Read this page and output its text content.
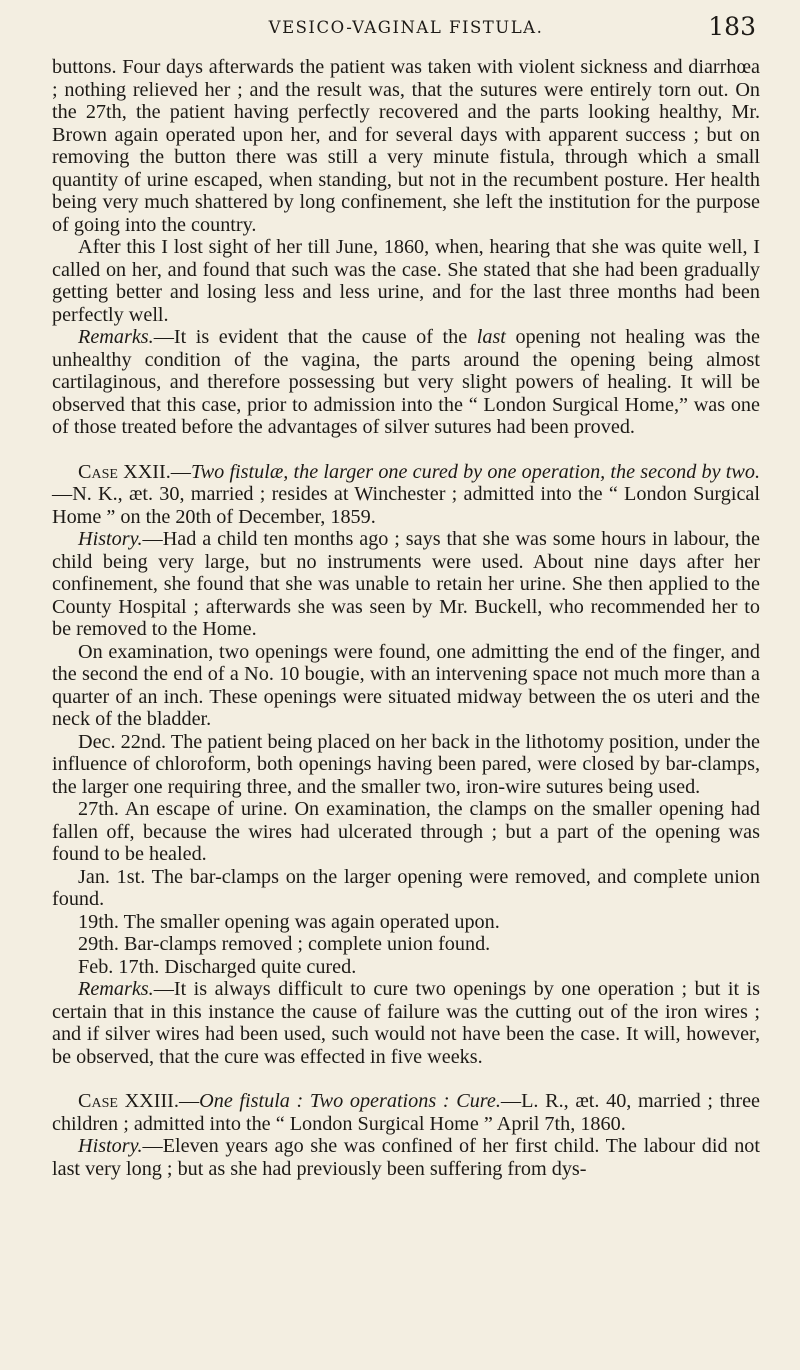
VESICO-VAGINAL FISTULA.	183

buttons. Four days afterwards the patient was taken with violent sickness and diarrhœa ; nothing relieved her ; and the result was, that the sutures were entirely torn out. On the 27th, the patient having perfectly recovered and the parts looking healthy, Mr. Brown again operated upon her, and for several days with apparent success ; but on removing the button there was still a very minute fistula, through which a small quantity of urine escaped, when standing, but not in the recumbent posture. Her health being very much shattered by long confinement, she left the institution for the purpose of going into the country.

After this I lost sight of her till June, 1860, when, hearing that she was quite well, I called on her, and found that such was the case. She stated that she had been gradually getting better and losing less and less urine, and for the last three months had been perfectly well.

Remarks.—It is evident that the cause of the last opening not healing was the unhealthy condition of the vagina, the parts around the opening being almost cartilaginous, and therefore possessing but very slight powers of healing. It will be observed that this case, prior to admission into the “ London Surgical Home,” was one of those treated before the advantages of silver sutures had been proved.

Case XXII.—Two fistulæ, the larger one cured by one operation, the second by two.—N. K., æt. 30, married ; resides at Winchester ; admitted into the “ London Surgical Home ” on the 20th of December, 1859.

History.—Had a child ten months ago ; says that she was some hours in labour, the child being very large, but no instruments were used. About nine days after her confinement, she found that she was unable to retain her urine. She then applied to the County Hospital ; afterwards she was seen by Mr. Buckell, who recommended her to be removed to the Home.

On examination, two openings were found, one admitting the end of the finger, and the second the end of a No. 10 bougie, with an intervening space not much more than a quarter of an inch. These openings were situated midway between the os uteri and the neck of the bladder.

Dec. 22nd. The patient being placed on her back in the lithotomy position, under the influence of chloroform, both openings having been pared, were closed by bar-clamps, the larger one requiring three, and the smaller two, iron-wire sutures being used.

27th. An escape of urine. On examination, the clamps on the smaller opening had fallen off, because the wires had ulcerated through ; but a part of the opening was found to be healed.

Jan. 1st. The bar-clamps on the larger opening were removed, and complete union found.

19th. The smaller opening was again operated upon.

29th. Bar-clamps removed ; complete union found.

Feb. 17th. Discharged quite cured.

Remarks.—It is always difficult to cure two openings by one operation ; but it is certain that in this instance the cause of failure was the cutting out of the iron wires ; and if silver wires had been used, such would not have been the case. It will, however, be observed, that the cure was effected in five weeks.

Case XXIII.—One fistula : Two operations : Cure.—L. R., æt. 40, married ; three children ; admitted into the “ London Surgical Home ” April 7th, 1860.

History.—Eleven years ago she was confined of her first child. The labour did not last very long ; but as she had previously been suffering from dys-
